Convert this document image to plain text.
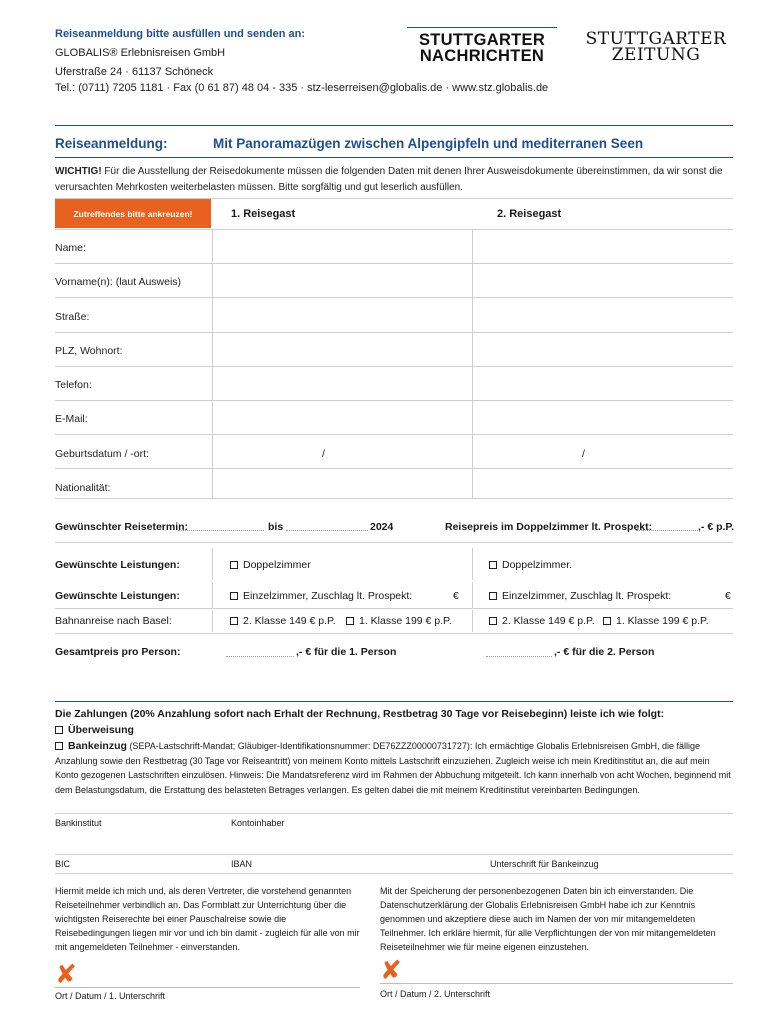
Reiseanmeldung bitte ausfüllen und senden an:
GLOBALIS® Erlebnisreisen GmbH
Uferstraße 24 · 61137 Schöneck
Tel.: (0711) 7205 1181 · Fax (0 61 87) 48 04 - 335 · stz-leserreisen@globalis.de · www.stz.globalis.de
STUTTGARTER
NACHRICHTEN
STUTTGARTER
ZEITUNG
Reiseanmeldung:	Mit Panoramazügen zwischen Alpengipfeln und mediterranen Seen
WICHTIG! Für die Ausstellung der Reisedokumente müssen die folgenden Daten mit denen Ihrer Ausweisdokumente übereinstimmen, da wir sonst die verursachten Mehrkosten weiterbelasten müssen. Bitte sorgfältig und gut leserlich ausfüllen.
Zutreffendes bitte ankreuzen!	1. Reisegast	2. Reisegast
Name:
Vorname(n): (laut Ausweis)
Straße:
PLZ, Wohnort:
Telefon:
E-Mail:
Geburtsdatum / -ort:	/	/
Nationalität:
Gewünschter Reisetermin:	bis	2024	Reisepreis im Doppelzimmer lt. Prospekt:	,- € p.P.
Gewünschte Leistungen:	Doppelzimmer	Doppelzimmer.
Gewünschte Leistungen:	Einzelzimmer, Zuschlag lt. Prospekt:	€	Einzelzimmer, Zuschlag lt. Prospekt:	€
Bahnanreise nach Basel:	2. Klasse 149 € p.P.	1. Klasse 199 € p.P.	2. Klasse 149 € p.P.	1. Klasse 199 € p.P.
Gesamtpreis pro Person:	,- € für die 1. Person	,- € für die 2. Person
Die Zahlungen (20% Anzahlung sofort nach Erhalt der Rechnung, Restbetrag 30 Tage vor Reisebeginn) leiste ich wie folgt:
Überweisung
Bankeinzug (SEPA-Lastschrift-Mandat; Gläubiger-Identifikationsnummer: DE76ZZZ00000731727): Ich ermächtige Globalis Erlebnisreisen GmbH, die fällige Anzahlung sowie den Restbetrag (30 Tage vor Reiseantritt) von meinem Konto mittels Lastschrift einzuziehen. Zugleich weise ich mein Kreditinstitut an, die auf mein Konto gezogenen Lastschriften einzulösen. Hinweis: Die Mandatsreferenz wird im Rahmen der Abbuchung mitgeteilt. Ich kann innerhalb von acht Wochen, beginnend mit dem Belastungsdatum, die Erstattung des belasteten Betrages verlangen. Es gelten dabei die mit meinem Kreditinstitut vereinbarten Bedingungen.
Bankinstitut	Kontoinhaber
BIC	IBAN	Unterschrift für Bankeinzug
Hiermit melde ich mich und, als deren Vertreter, die vorstehend genannten Reiseteilnehmer verbindlich an. Das Formblatt zur Unterrichtung über die wichtigsten Reiserechte bei einer Pauschalreise sowie die Reisebedingungen liegen mir vor und ich bin damit - zugleich für alle von mir mit angemeldeten Teilnehmer - einverstanden.
Mit der Speicherung der personenbezogenen Daten bin ich einverstanden. Die Datenschutzerklärung der Globalis Erlebnisreisen GmbH habe ich zur Kenntnis genommen und akzeptiere diese auch im Namen der von mir mitangemeldeten Teilnehmer. Ich erkläre hiermit, für alle Verpflichtungen der von mir mitangemeldeten Reiseteilnehmer wie für meine eigenen einzustehen.
✘	✘
Ort / Datum / 1. Unterschrift	Ort / Datum / 2. Unterschrift
